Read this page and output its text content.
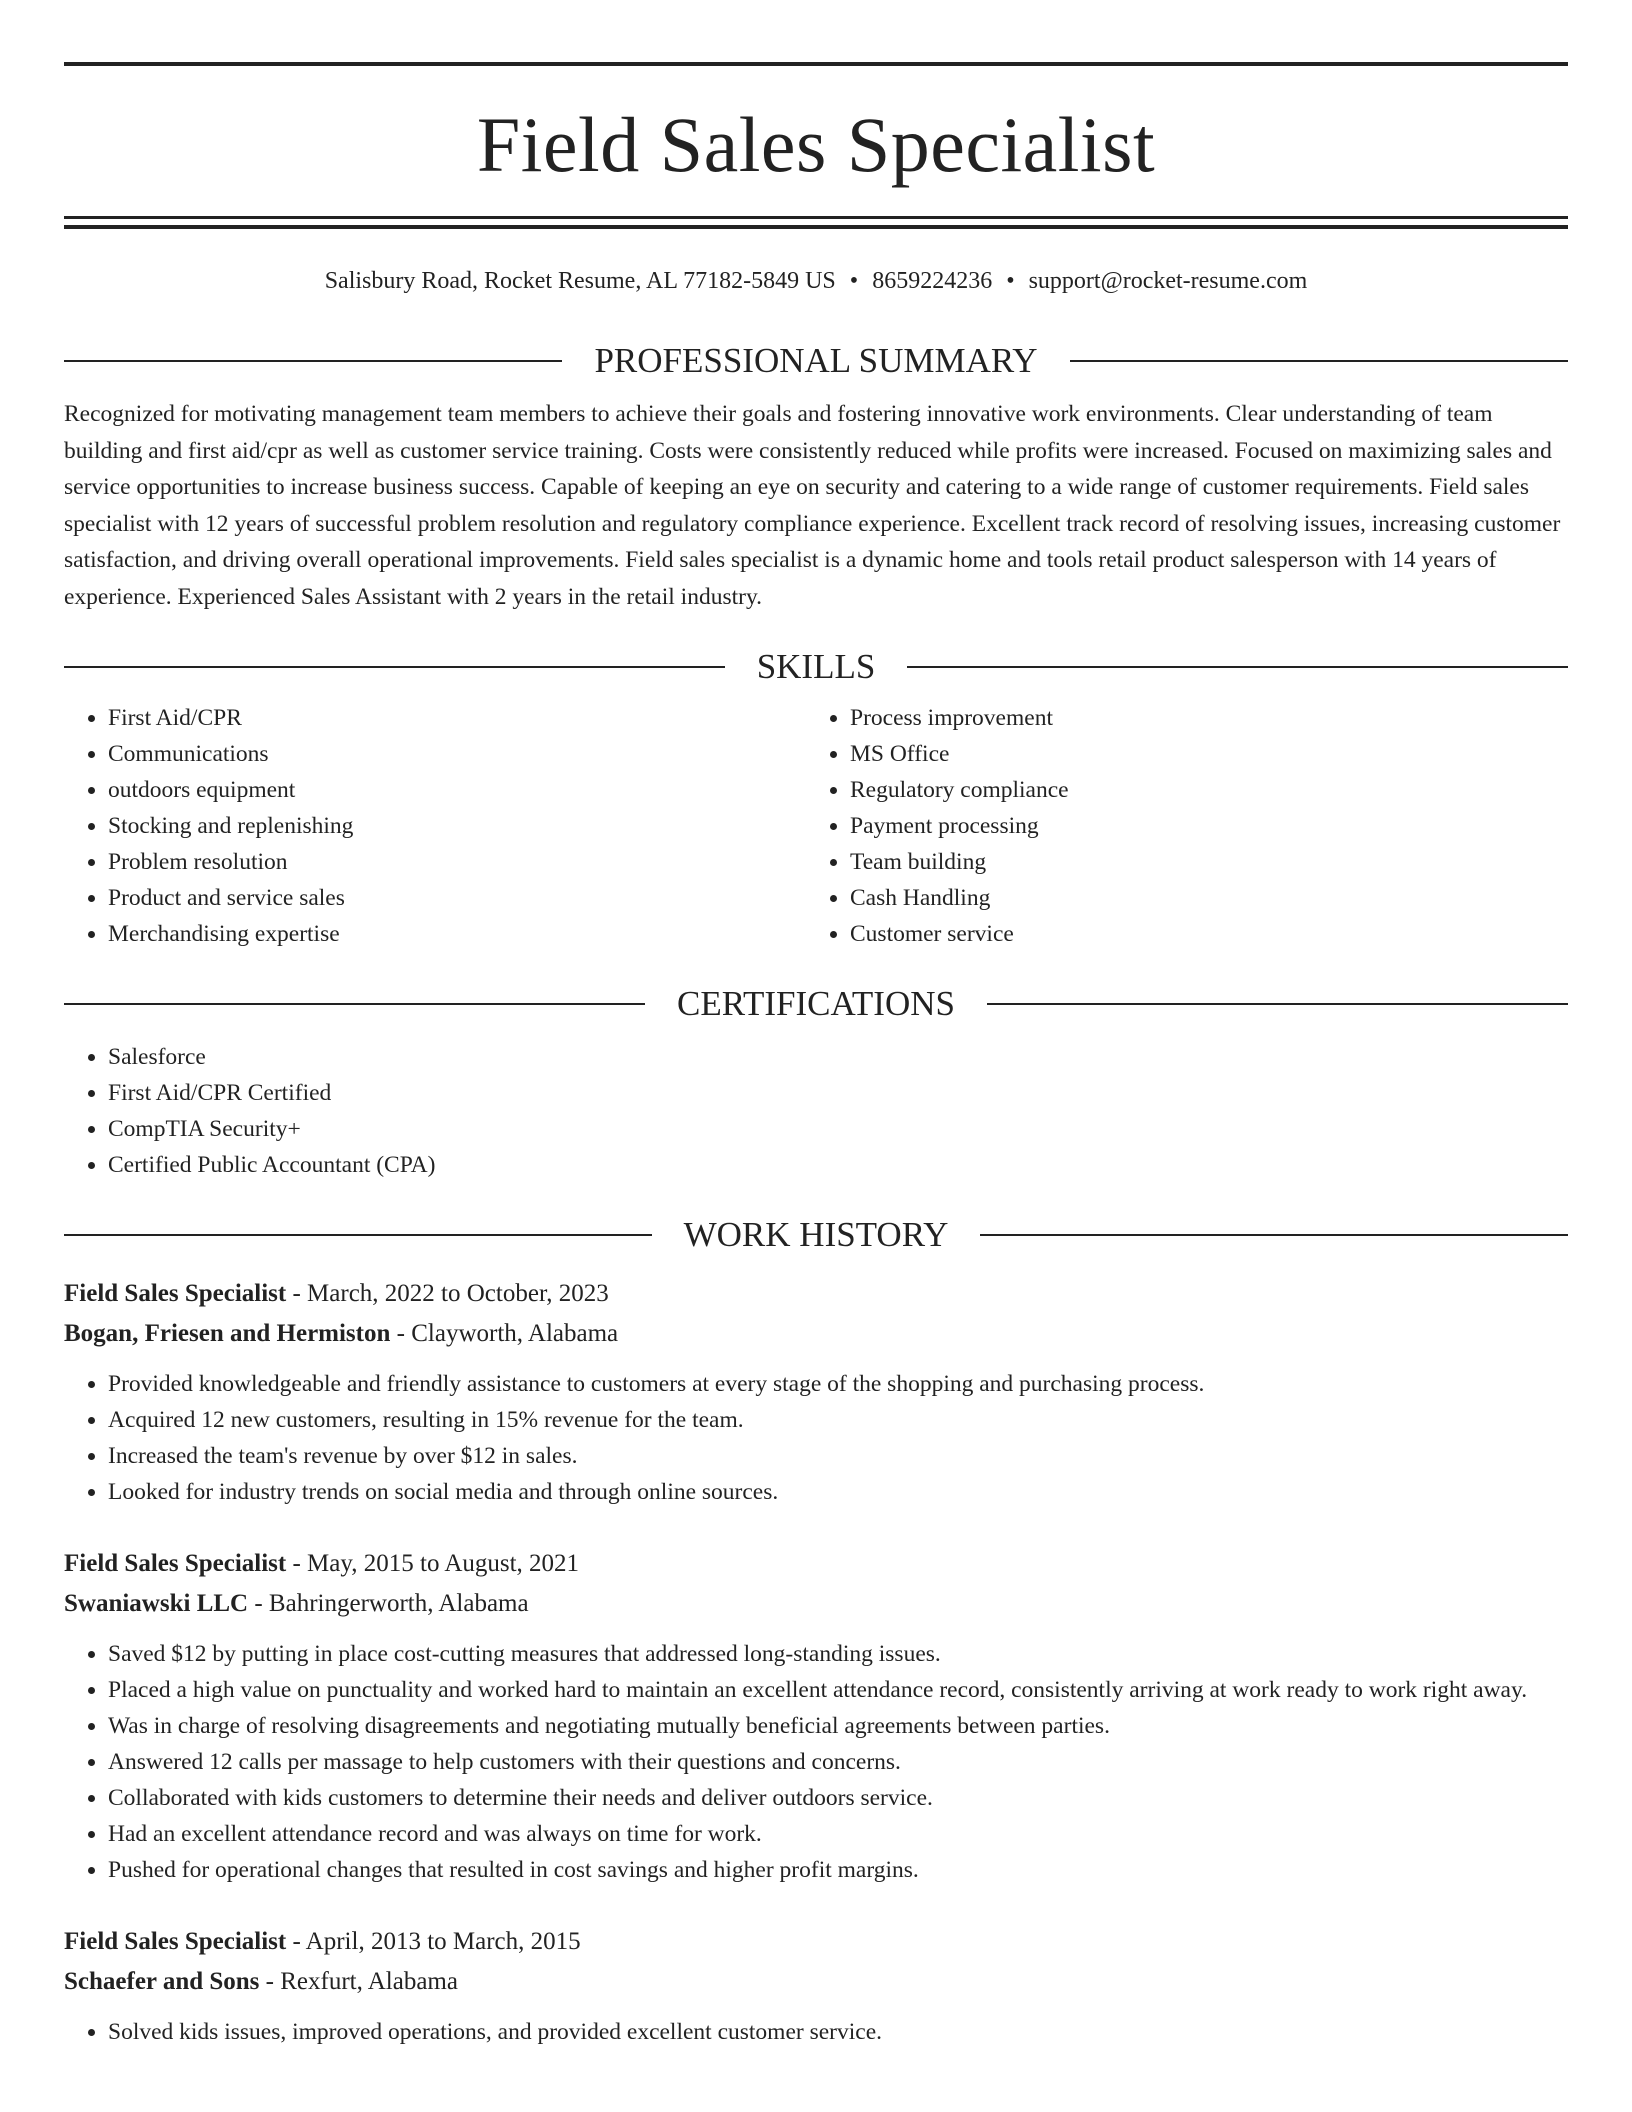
Field Sales Specialist
Salisbury Road, Rocket Resume, AL 77182-5849 US • 8659224236 • support@rocket-resume.com
PROFESSIONAL SUMMARY
Recognized for motivating management team members to achieve their goals and fostering innovative work environments. Clear understanding of team building and first aid/cpr as well as customer service training. Costs were consistently reduced while profits were increased. Focused on maximizing sales and service opportunities to increase business success. Capable of keeping an eye on security and catering to a wide range of customer requirements. Field sales specialist with 12 years of successful problem resolution and regulatory compliance experience. Excellent track record of resolving issues, increasing customer satisfaction, and driving overall operational improvements. Field sales specialist is a dynamic home and tools retail product salesperson with 14 years of experience. Experienced Sales Assistant with 2 years in the retail industry.
SKILLS
• First Aid/CPR
• Communications
• outdoors equipment
• Stocking and replenishing
• Problem resolution
• Product and service sales
• Merchandising expertise
• Process improvement
• MS Office
• Regulatory compliance
• Payment processing
• Team building
• Cash Handling
• Customer service
CERTIFICATIONS
• Salesforce
• First Aid/CPR Certified
• CompTIA Security+
• Certified Public Accountant (CPA)
WORK HISTORY
Field Sales Specialist - March, 2022 to October, 2023
Bogan, Friesen and Hermiston - Clayworth, Alabama
• Provided knowledgeable and friendly assistance to customers at every stage of the shopping and purchasing process.
• Acquired 12 new customers, resulting in 15% revenue for the team.
• Increased the team's revenue by over $12 in sales.
• Looked for industry trends on social media and through online sources.
Field Sales Specialist - May, 2015 to August, 2021
Swaniawski LLC - Bahringerworth, Alabama
• Saved $12 by putting in place cost-cutting measures that addressed long-standing issues.
• Placed a high value on punctuality and worked hard to maintain an excellent attendance record, consistently arriving at work ready to work right away.
• Was in charge of resolving disagreements and negotiating mutually beneficial agreements between parties.
• Answered 12 calls per massage to help customers with their questions and concerns.
• Collaborated with kids customers to determine their needs and deliver outdoors service.
• Had an excellent attendance record and was always on time for work.
• Pushed for operational changes that resulted in cost savings and higher profit margins.
Field Sales Specialist - April, 2013 to March, 2015
Schaefer and Sons - Rexfurt, Alabama
• Solved kids issues, improved operations, and provided excellent customer service.
